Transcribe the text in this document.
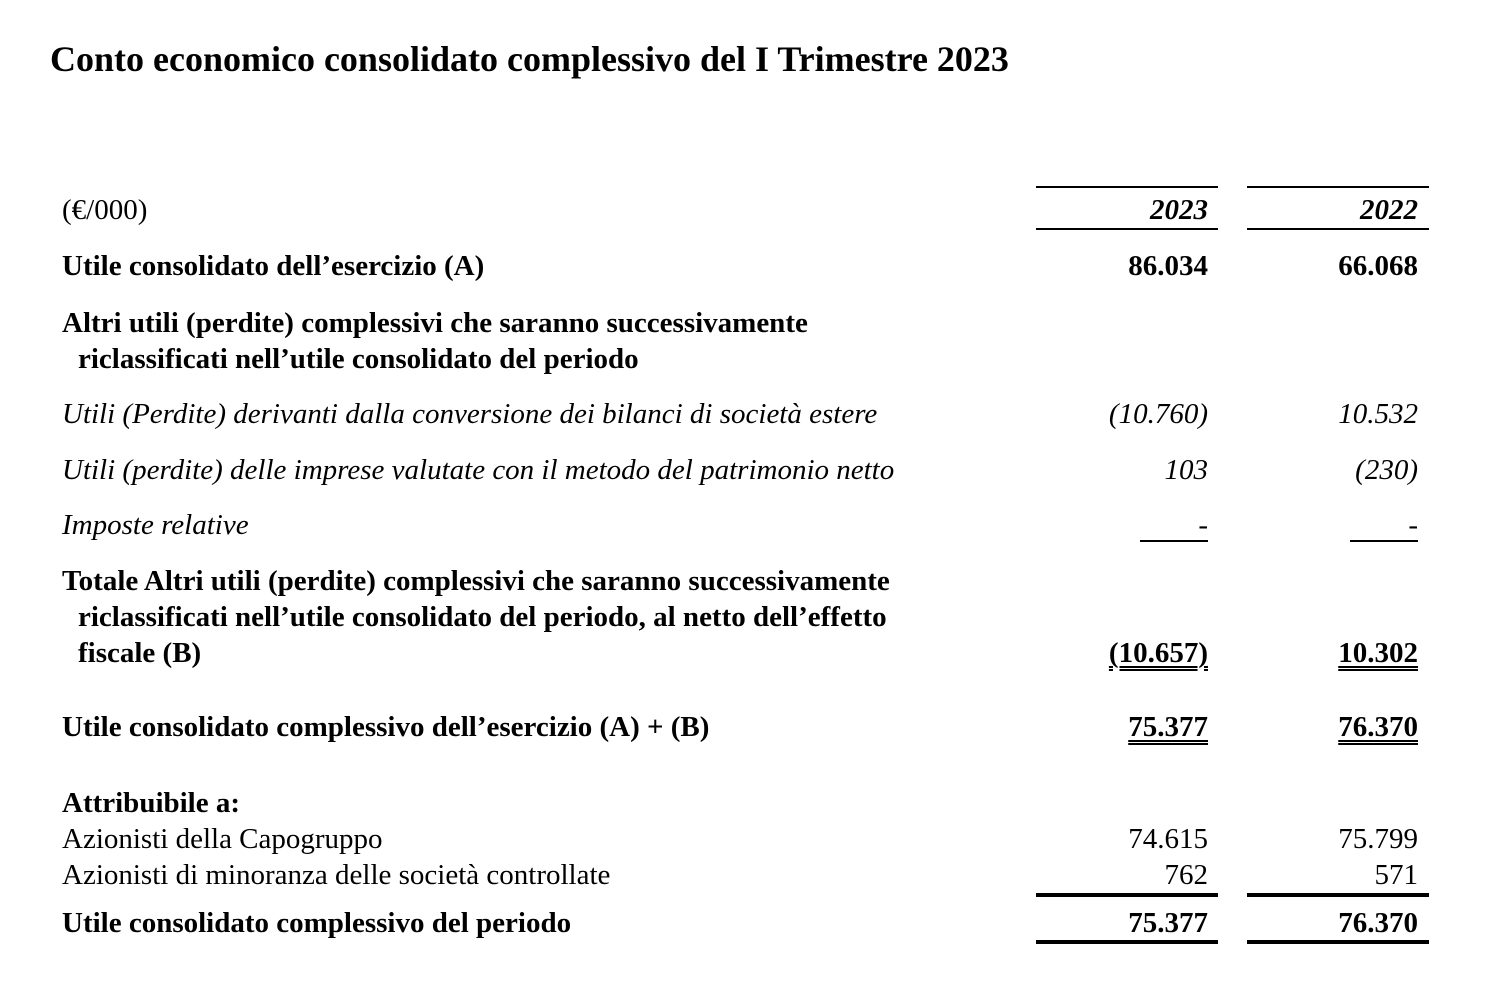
Conto economico consolidato complessivo del I Trimestre 2023
(€/000)	2023	2022
Utile consolidato dell’esercizio (A)	86.034	66.068
Altri utili (perdite) complessivi che saranno successivamente
riclassificati nell’utile consolidato del periodo
Utili (Perdite) derivanti dalla conversione dei bilanci di società estere	(10.760)	10.532
Utili (perdite) delle imprese valutate con il metodo del patrimonio netto	103	(230)
Imposte relative	-	-
Totale Altri utili (perdite) complessivi che saranno successivamente
riclassificati nell’utile consolidato del periodo, al netto dell’effetto
fiscale (B)	(10.657)	10.302
Utile consolidato complessivo dell’esercizio (A) + (B)	75.377	76.370
Attribuibile a:
Azionisti della Capogruppo	74.615	75.799
Azionisti di minoranza delle società controllate	762	571
Utile consolidato complessivo del periodo	75.377	76.370
